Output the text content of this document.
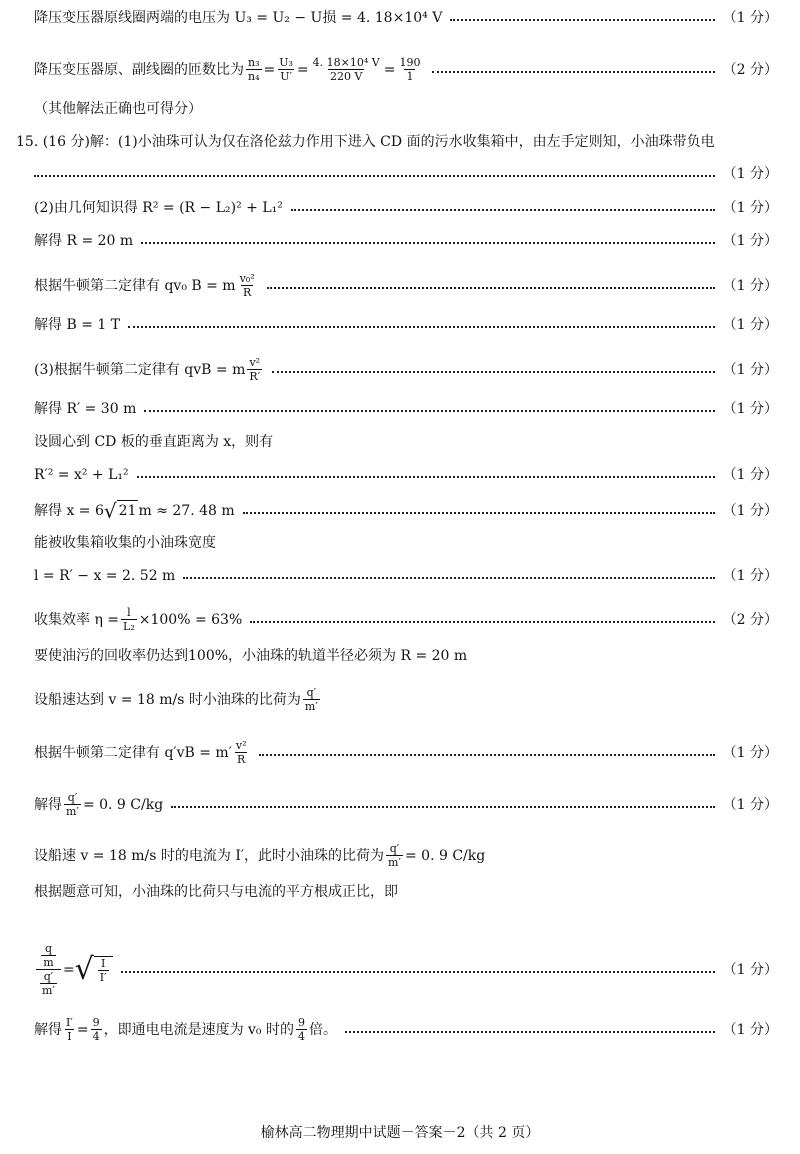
降压变压器原线圈两端的电压为 U₃ = U₂ − U损 = 4. 18×10⁴ V	（1 分）
降压变压器原、副线圈的匝数比为 $\frac{\text{n₃}}{\text{n₄}} = \frac{\text{U₃}}{U'} = \frac{\text{4. 18×10⁴ V}}{220 V} = \frac{190}{1}$	（2 分）
（其他解法正确也可得分）
15. (16 分)解：(1)小油珠可认为仅在洛伦兹力作用下进入 CD 面的污水收集箱中，由左手定则知，小油珠带负电
（1 分）
(2)由几何知识得 R² = (R − L₂)² + L₁²	（1 分）
解得 R = 20 m	（1 分）
根据牛顿第二定律有 qv₀ B = m $\frac{\text{v₀²}}{R}$	（1 分）
解得 B = 1 T	（1 分）
(3)根据牛顿第二定律有 qvB = m $\frac{\text{v²}}{R'}$	（1 分）
解得 R′ = 30 m	（1 分）
设圆心到 CD 板的垂直距离为 x，则有
R′² = x² + L₁²	（1 分）
解得 x = 6 √ 21 m ≈ 27. 48 m	（1 分）
能被收集箱收集的小油珠宽度
l = R′ − x = 2. 52 m	（1 分）
收集效率 $\eta = \frac{l}{\text{L₂}} \times 100\% = 63\%$	（2 分）
要使油污的回收率仍达到100%，小油珠的轨道半径必须为 R = 20 m
设船速达到 v = 18 m/s 时小油珠的比荷为 $\frac{q'}{m'}$
根据牛顿第二定律有 $q'vB = m' \frac{\text{v²}}{R}$	（1 分）
解得 $\frac{q'}{m'} = 0$. 9 C/kg	（1 分）
设船速 v = 18 m/s 时的电流为 I′，此时小油珠的比荷为 $\frac{q'}{m'} = 0$. 9 C/kg
根据题意可知，小油珠的比荷只与电流的平方根成正比，即
$\frac{\frac{q}{m}}{\frac{q'}{m'}}$ = √ $\frac{I}{I'}$	（1 分）
解得 $\frac{I'}{I} = \frac{9}{4}$ ，即通电电流是速度为 v₀ 时的 $\frac{9}{4}$ 倍。	（1 分）
榆林高二物理期中试题－答案－2（共 2 页）
